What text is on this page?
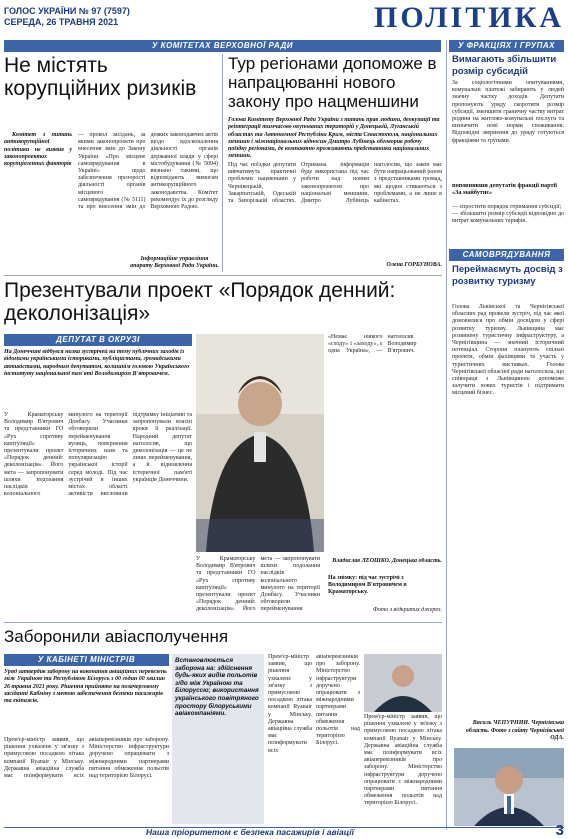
ГОЛОС УКРАЇНИ № 97 (7597)
СЕРЕДА, 26 ТРАВНЯ 2021	ПОЛІТИКА
У КОМІТЕТАХ ВЕРХОВНОЇ РАДИ	У ФРАКЦІЯХ І ГРУПАХ
Не містять корупційних ризиків

Комітет з питань антикорупційної політики не виявив у законопроектах корупціогенних факторів

— прокол засідань, за якими законопроекти про внесення змін до Закону України «Про місцеве самоврядування в Україні» щодо забезпечення прозорості діяльності органів місцевого самоврядування (№ 5111) та про внесення змін до деяких законодавчих актів щодо вдосконалення діяльності органів державної влади у сфері містобудування (№ 5094) визнано такими, що відповідають вимогам антикорупційного законодавства. Комітет рекомендує їх до розгляду Верховною Радою.
Інформаційне управління апарату Верховної Ради України.
Тур регіонами допоможе в напрацюванні нового закону про нацменшини
Голова Комітету Верховної Ради України з питань прав людини, деокупації та реінтеграції тимчасово окупованих територій у Донецькій, Луганській областях та Автономної Республіки Крим, міста Севастополя, національних меншин і міжнаціональних відносин Дмитро Лубінець обговорив робочу поїздку регіонами, де компактно проживають представники національних меншин.
Під час поїздки депутати вивчатимуть практичні проблеми нацменшин у Чернівецькій, Закарпатській, Одеській та Запорізькій областях. Отримана інформація буде використана під час роботи над новим законопроектом про національні меншини. Дмитро Лубінець наголосив, що закон має бути напрацьований разом з представниками громад, які щодня стикаються з проблемами, а не лише в кабінетах.
Олена ГОРБУНОВА.
Вимагають збільшити розмір субсидій
За соціологічними опитуваннями, комунальні платежі забирають у людей значну частку доходів. Депутати пропонують уряду скоротити розмір субсидії, зменшити граничну частку витрат родини на житлово-комунальні послуги та визначити нові норми споживання. Відповідні звернення до уряду готуються фракціями та групами.
поповнивши депутатів фракції партії «За майбутнє»
— спростити порядок отримання субсидії;
— збільшити розмір субсидії відповідно до витрат комунальних тарифів.
САМОВРЯДУВАННЯ
Переймаємуть досвід з розвитку туризму
Голова Львівської та Чернігівської обласних рад провели зустріч, під час якої домовилися про обмін досвідом у сфері розвитку туризму. Львівщина має розвинену туристичну інфраструктуру, а Чернігівщина — значний історичний потенціал. Сторони планують спільні проекти, обмін фахівцями та участь у туристичних виставках. Голова Чернігівської обласної ради наголосила, що співпраця з Львівщиною допоможе залучити нових туристів і підтримати місцевий бізнес.
Василь ЧЕПУРНИЙ. Чернігівська область. Фото з сайту Чернігівської ОДА.
Презентували проект «Порядок денний: деколонізація»
ДЕПУТАТ В ОКРУЗІ
На Донеччині відбувся низка зустрічей на тему публічних заходів із відомими українськими істориками, публіцистами, громадськими активістами, народним депутатом, колишнім головою Українського інституту національної пам'яті Володимиром В'ятровичем.
У Краматорську Володимир В'ятрович та представники ГО «Рух спротиву капітуляції» презентували проект «Порядок денний: деколонізація». Його мета — запропонувати шляхи подолання наслідків колоніального минулого на території Донбасу. Учасники обговорили перейменування вулиць, повернення історичних назв та популяризацію української історії серед молоді. Під час зустрічей в інших містах області активісти висловили підтримку ініціативі та запропонували власні кроки її реалізації. Народний депутат наголосив, що деколонізація — це не лише перейменування, а й відновлення історичної пам'яті українців Донеччини.
«Немає ніякого «сходу» і «заходу», є одна Україна», — наголосив Володимир В'ятрович.
У Краматорську Володимир В'ятрович та представники ГО «Рух спротиву капітуляції» презентували проект «Порядок денний: деколонізація». Його мета — запропонувати шляхи подолання наслідків колоніального минулого на території Донбасу. Учасники обговорили перейменування
Владислав ЛЕОШКО. Донецька область.
На знімку: під час зустрічі з Володимиром В'ятровичем в Краматорську.
Фото з відкритих джерел.
Заборонили авіасполучення
У КАБІНЕТІ МІНІСТРІВ
Уряд затвердив заборону на виконання авіаційних перевезень між Україною та Республікою Білорусь з 00 годин 00 хвилин 26 травня 2021 року. Рішення прийнято на позачерговому засіданні Кабміну з метою забезпечення безпеки пасажирів та екіпажів.
Прем'єр-міністр заявив, що рішення ухвалене у зв'язку з примусовою посадкою літака компанії Ryanair у Мінську. Державна авіаційна служба має поінформувати всіх авіаперевізників про заборону. Міністерство інфраструктури доручено опрацювати з міжнародними партнерами питання обмеження польотів над територією Білорусі.
Встановлюється заборона на: здійснення будь-яких видів польотів з/до між Україною та Білоруссю; використання українського повітряного простору білоруськими авіакомпаніями.
Прем'єр-міністр заявив, що рішення ухвалене у зв'язку з примусовою посадкою літака компанії Ryanair у Мінську. Державна авіаційна служба має поінформувати всіх авіаперевізників про заборону. Міністерство інфраструктури доручено опрацювати з міжнародними партнерами питання обмеження польотів над територією Білорусі.
Прем'єр-міністр заявив, що рішення ухвалене у зв'язку з примусовою посадкою літака компанії Ryanair у Мінську. Державна авіаційна служба має поінформувати всіх авіаперевізників про заборону. Міністерство інфраструктури доручено опрацювати з міжнародними партнерами питання обмеження польотів над територією Білорусі.
Наша пріоритетом є безпека пасажирів і авіації	3
